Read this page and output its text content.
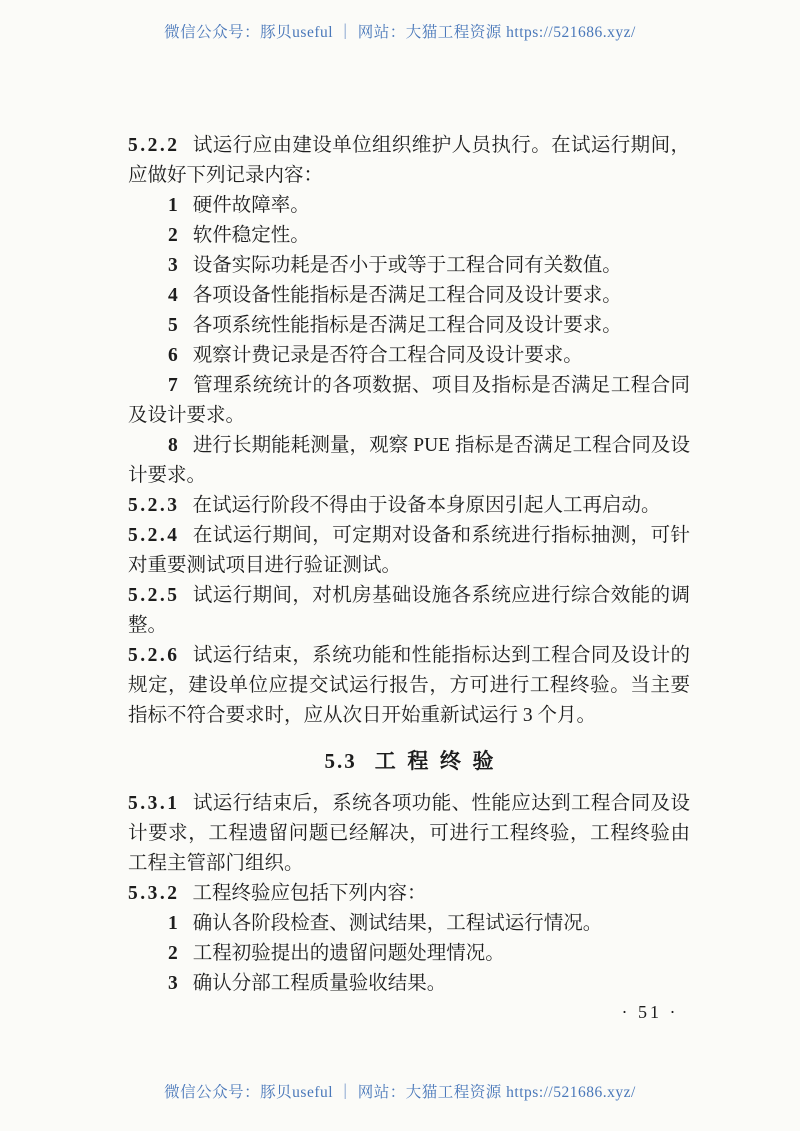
微信公众号：豚贝useful ｜ 网站：大猫工程资源 https://521686.xyz/

5.2.2 试运行应由建设单位组织维护人员执行。在试运行期间，应做好下列记录内容：

1 硬件故障率。

2 软件稳定性。

3 设备实际功耗是否小于或等于工程合同有关数值。

4 各项设备性能指标是否满足工程合同及设计要求。

5 各项系统性能指标是否满足工程合同及设计要求。

6 观察计费记录是否符合工程合同及设计要求。

7 管理系统统计的各项数据、项目及指标是否满足工程合同及设计要求。

8 进行长期能耗测量，观察 PUE 指标是否满足工程合同及设计要求。

5.2.3 在试运行阶段不得由于设备本身原因引起人工再启动。

5.2.4 在试运行期间，可定期对设备和系统进行指标抽测，可针对重要测试项目进行验证测试。

5.2.5 试运行期间，对机房基础设施各系统应进行综合效能的调整。

5.2.6 试运行结束，系统功能和性能指标达到工程合同及设计的规定，建设单位应提交试运行报告，方可进行工程终验。当主要指标不符合要求时，应从次日开始重新试运行 3 个月。

5.3 工程终验

5.3.1 试运行结束后，系统各项功能、性能应达到工程合同及设计要求，工程遗留问题已经解决，可进行工程终验，工程终验由工程主管部门组织。

5.3.2 工程终验应包括下列内容：

1 确认各阶段检查、测试结果，工程试运行情况。

2 工程初验提出的遗留问题处理情况。

3 确认分部工程质量验收结果。

· 51 ·
微信公众号：豚贝useful ｜ 网站：大猫工程资源 https://521686.xyz/
